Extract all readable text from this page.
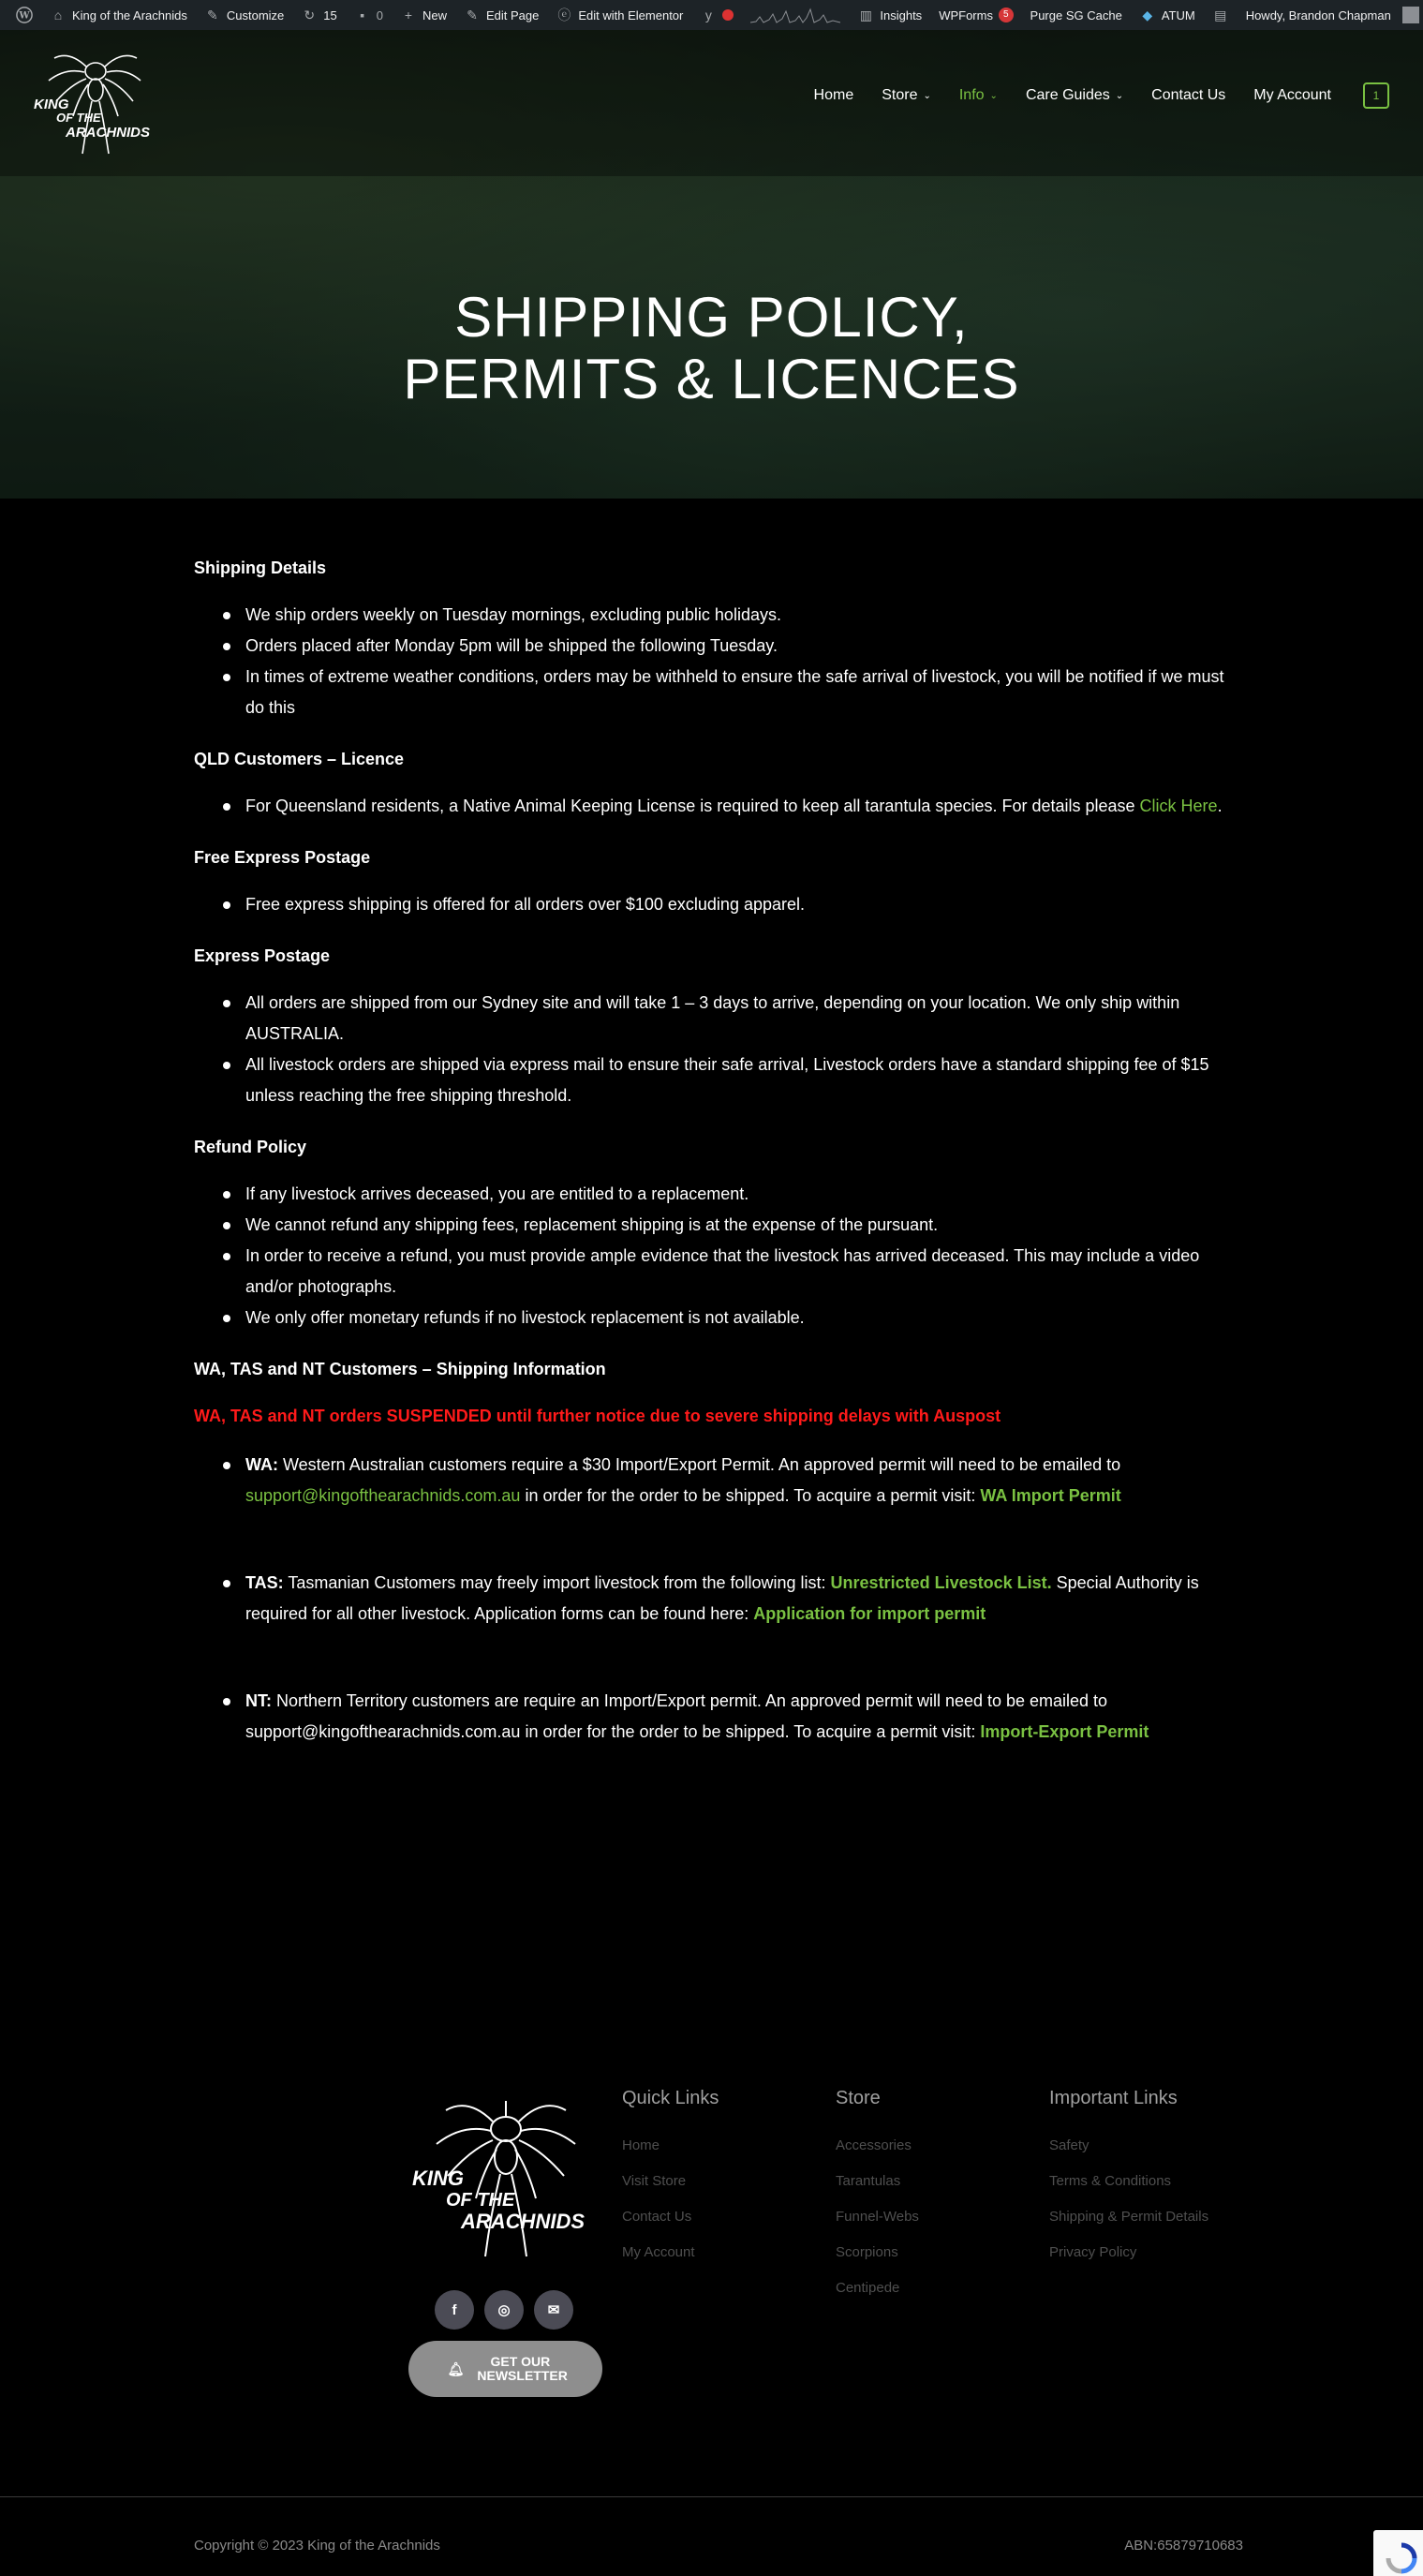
W	⌂ King of the Arachnids ✎ Customize ↻ 15	▪ 0	+ New ✎ Edit Page ⓔ Edit with Elementor	y	▥ Insights WPForms	5	Purge SG Cache ◆ ATUM ▤ Howdy, Brandon Chapman
KING
OF THE
ARACHNIDS
Home Store ⌄ Info ⌄ Care Guides ⌄ Contact Us My Account	1
SHIPPING POLICY,
PERMITS & LICENCES
Shipping Details
We ship orders weekly on Tuesday mornings, excluding public holidays.
Orders placed after Monday 5pm will be shipped the following Tuesday.
In times of extreme weather conditions, orders may be withheld to ensure the safe arrival of livestock, you will be notified if we must do this
QLD Customers – Licence
For Queensland residents, a Native Animal Keeping License is required to keep all tarantula species. For details please Click Here.
Free Express Postage
Free express shipping is offered for all orders over $100 excluding apparel.
Express Postage
All orders are shipped from our Sydney site and will take 1 – 3 days to arrive, depending on your location. We only ship within AUSTRALIA.
All livestock orders are shipped via express mail to ensure their safe arrival, Livestock orders have a standard shipping fee of $15 unless reaching the free shipping threshold.
Refund Policy
If any livestock arrives deceased, you are entitled to a replacement.
We cannot refund any shipping fees, replacement shipping is at the expense of the pursuant.
In order to receive a refund, you must provide ample evidence that the livestock has arrived deceased. This may include a video and/or photographs.
We only offer monetary refunds if no livestock replacement is not available.
WA, TAS and NT Customers – Shipping Information

WA, TAS and NT orders SUSPENDED until further notice due to severe shipping delays with Auspost

WA: Western Australian customers require a $30 Import/Export Permit. An approved permit will need to be emailed to support@kingofthearachnids.com.au in order for the order to be shipped. To acquire a permit visit: WA Import Permit
TAS: Tasmanian Customers may freely import livestock from the following list: Unrestricted Livestock List. Special Authority is required for all other livestock. Application forms can be found here: Application for import permit
NT: Northern Territory customers are require an Import/Export permit. An approved permit will need to be emailed to support@kingofthearachnids.com.au in order for the order to be shipped. To acquire a permit visit: Import-Export Permit
KING
OF THE
ARACHNIDS
f	◎	✉
🔔︎	GET OUR NEWSLETTER
Quick Links
Home
Visit Store
Contact Us
My Account
Store
Accessories
Tarantulas
Funnel-Webs
Scorpions
Centipede
Important Links
Safety
Terms & Conditions
Shipping & Permit Details
Privacy Policy
Copyright © 2023 King of the Arachnids	ABN:65879710683
